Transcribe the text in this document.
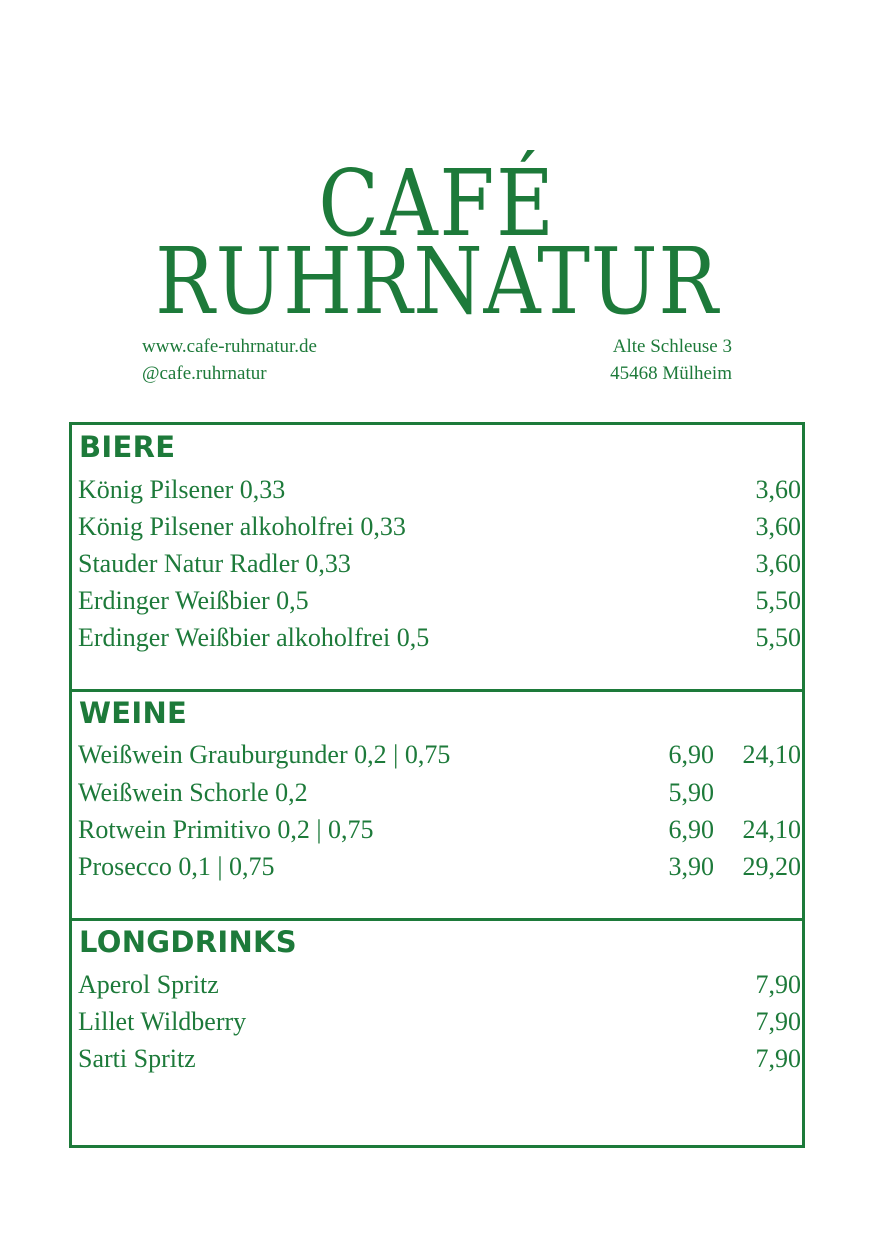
CAFÉ
RUHRNATUR
www.cafe-ruhrnatur.de
@cafe.ruhrnatur
Alte Schleuse 3
45468 Mülheim
BIERE
König Pilsener 0,33	3,60
König Pilsener alkoholfrei 0,33	3,60
Stauder Natur Radler 0,33	3,60
Erdinger Weißbier 0,5	5,50
Erdinger Weißbier alkoholfrei 0,5	5,50
WEINE
Weißwein Grauburgunder 0,2 | 0,75	6,90 24,10
Weißwein Schorle 0,2	5,90
Rotwein Primitivo 0,2 | 0,75	6,90 24,10
Prosecco 0,1 | 0,75	3,90 29,20
LONGDRINKS
Aperol Spritz	7,90
Lillet Wildberry	7,90
Sarti Spritz	7,90
